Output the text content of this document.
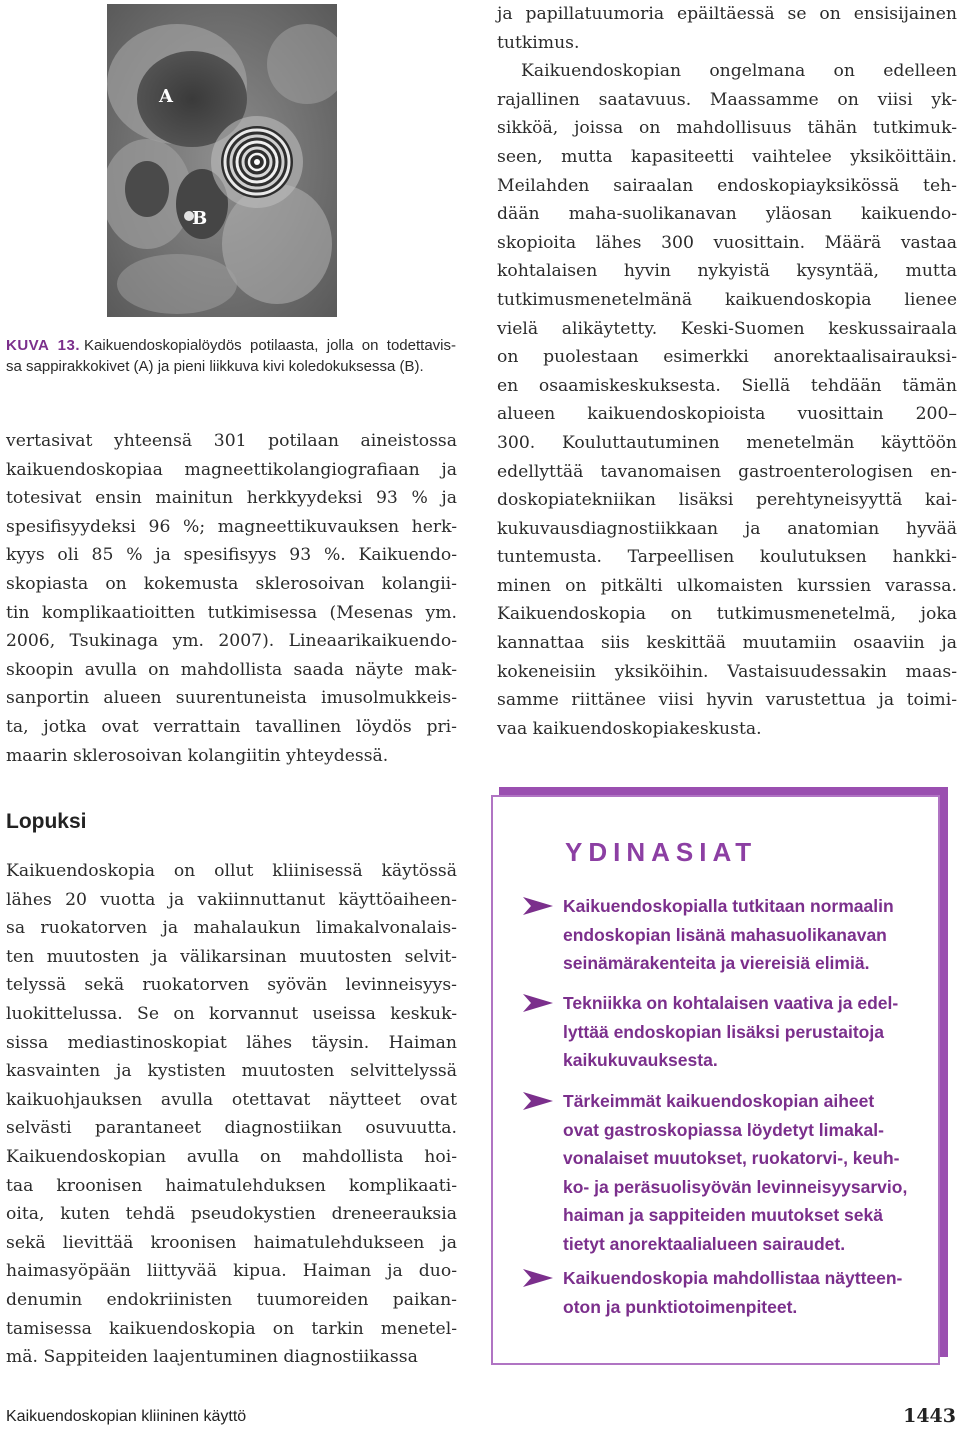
A
B
KUVA 13. Kaikuendoskopialöydös potilaasta, jolla on todettavis-
sa sappirakkokivet (A) ja pieni liikkuva kivi koledokuksessa (B).
vertasivat yhteensä 301 potilaan aineistossa
kaikuendoskopiaa magneettikolangiografiaan ja
totesivat ensin mainitun herkkyydeksi 93 % ja
spesifisyydeksi 96 %; magneettikuvauksen herk-
kyys oli 85 % ja spesifisyys 93 %. Kaikuendo-
skopiasta on kokemusta sklerosoivan kolangii-
tin komplikaatioitten tutkimisessa (Mesenas ym.
2006, Tsukinaga ym. 2007). Lineaarikaikuendo-
skoopin avulla on mahdollista saada näyte mak-
sanportin alueen suurentuneista imusolmukkeis-
ta, jotka ovat verrattain tavallinen löydös pri-
maarin sklerosoivan kolangiitin yhteydessä.
Lopuksi
Kaikuendoskopia on ollut kliinisessä käytössä
lähes 20 vuotta ja vakiinnuttanut käyttöaiheen-
sa ruokatorven ja mahalaukun limakalvonalais-
ten muutosten ja välikarsinan muutosten selvit-
telyssä sekä ruokatorven syövän levinneisyys-
luokittelussa. Se on korvannut useissa keskuk-
sissa mediastinoskopiat lähes täysin. Haiman
kasvainten ja kystisten muutosten selvittelyssä
kaikuohjauksen avulla otettavat näytteet ovat
selvästi parantaneet diagnostiikan osuvuutta.
Kaikuendoskopian avulla on mahdollista hoi-
taa kroonisen haimatulehduksen komplikaati-
oita, kuten tehdä pseudokystien dreneerauksia
sekä lievittää kroonisen haimatulehdukseen ja
haimasyöpään liittyvää kipua. Haiman ja duo-
denumin endokriinisten tuumoreiden paikan-
tamisessa kaikuendoskopia on tarkin menetel-
mä. Sappiteiden laajentuminen diagnostiikassa
ja papillatuumoria epäiltäessä se on ensisijainen
tutkimus.
Kaikuendoskopian ongelmana on edelleen
rajallinen saatavuus. Maassamme on viisi yk-
sikköä, joissa on mahdollisuus tähän tutkimuk-
seen, mutta kapasiteetti vaihtelee yksiköittäin.
Meilahden sairaalan endoskopiayksikössä teh-
dään maha-suolikanavan yläosan kaikuendo-
skopioita lähes 300 vuosittain. Määrä vastaa
kohtalaisen hyvin nykyistä kysyntää, mutta
tutkimusmenetelmänä kaikuendoskopia lienee
vielä alikäytetty. Keski-Suomen keskussairaala
on puolestaan esimerkki anorektaalisairauksi-
en osaamiskeskuksesta. Siellä tehdään tämän
alueen kaikuendoskopioista vuosittain 200–
300. Kouluttautuminen menetelmän käyttöön
edellyttää tavanomaisen gastroenterologisen en-
doskopiatekniikan lisäksi perehtyneisyyttä kai-
kukuvausdiagnostiikkaan ja anatomian hyvää
tuntemusta. Tarpeellisen koulutuksen hankki-
minen on pitkälti ulkomaisten kurssien varassa.
Kaikuendoskopia on tutkimusmenetelmä, joka
kannattaa siis keskittää muutamiin osaaviin ja
kokeneisiin yksiköihin. Vastaisuudessakin maas-
samme riittänee viisi hyvin varustettua ja toimi-
vaa kaikuendoskopiakeskusta.
YDINASIAT
Kaikuendoskopialla tutkitaan normaalin
endoskopian lisänä mahasuolikanavan
seinämärakenteita ja viereisiä elimiä.
Tekniikka on kohtalaisen vaativa ja edel-
lyttää endoskopian lisäksi perustaitoja
kaikukuvauksesta.
Tärkeimmät kaikuendoskopian aiheet
ovat gastroskopiassa löydetyt limakal-
vonalaiset muutokset, ruokatorvi-, keuh-
ko- ja peräsuolisyövän levinneisyysarvio,
haiman ja sappiteiden muutokset sekä
tietyt anorektaalialueen sairaudet.
Kaikuendoskopia mahdollistaa näytteen-
oton ja punktiotoimenpiteet.
Kaikuendoskopian kliininen käyttö	1443
